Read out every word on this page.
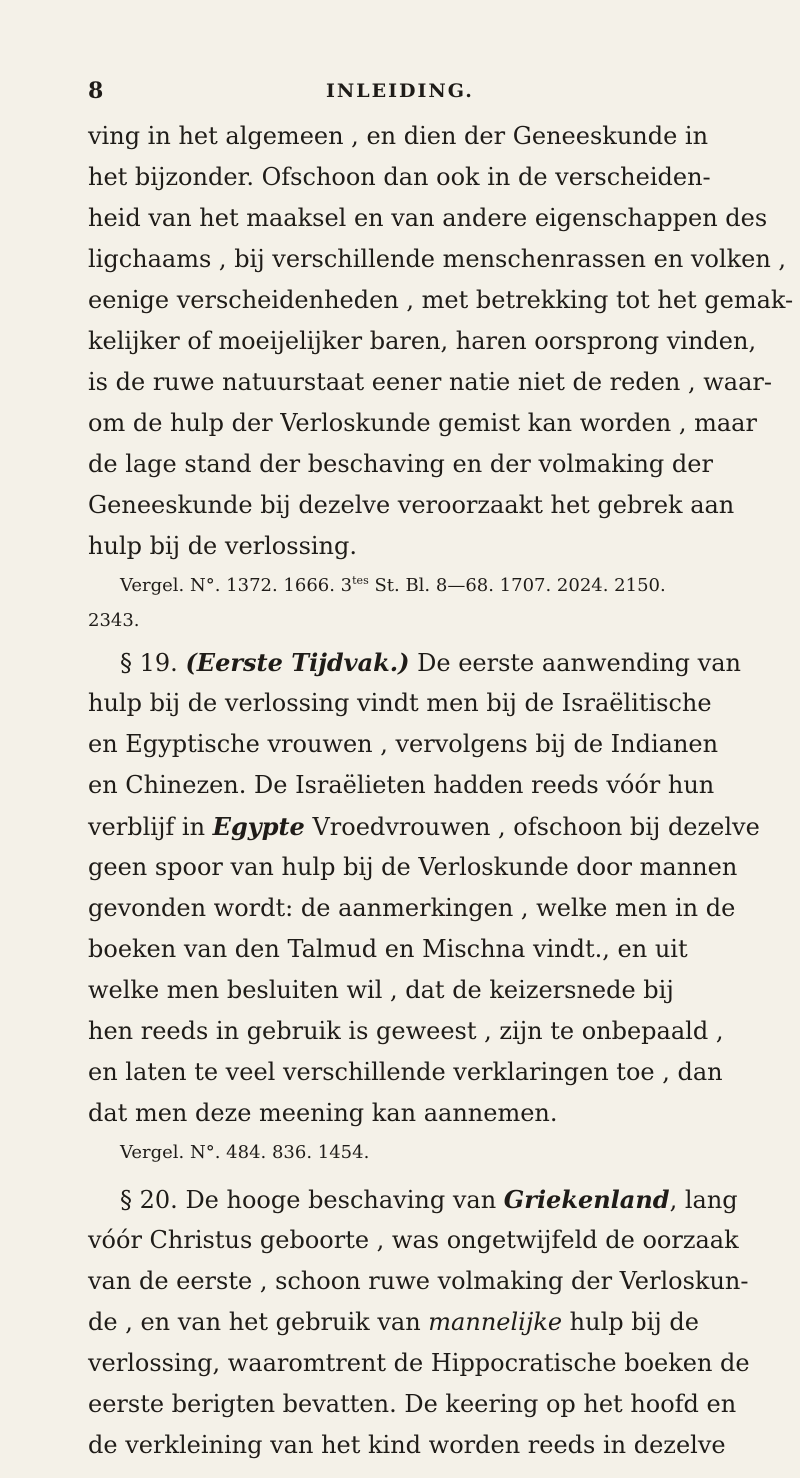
8	INLEIDING.
ving in het algemeen , en dien der Geneeskunde in
het bijzonder. Ofschoon dan ook in de verscheiden-
heid van het maaksel en van andere eigenschappen des
ligchaams , bij verschillende menschenrassen en volken ,
eenige verscheidenheden , met betrekking tot het gemak-
kelijker of moeijelijker baren, haren oorsprong vinden,
is de ruwe natuurstaat eener natie niet de reden , waar-
om de hulp der Verloskunde gemist kan worden , maar
de lage stand der beschaving en der volmaking der
Geneeskunde bij dezelve veroorzaakt het gebrek aan
hulp bij de verlossing.
Vergel. N°. 1372. 1666. $3^{tes}$ St. Bl. 8—68. 1707. 2024. 2150.
2343.
§ 19. (Eerste Tijdvak.) De eerste aanwending van
hulp bij de verlossing vindt men bij de Israëlitische
en Egyptische vrouwen , vervolgens bij de Indianen
en Chinezen. De Israëlieten hadden reeds vóór hun
verblijf in Egypte Vroedvrouwen , ofschoon bij dezelve
geen spoor van hulp bij de Verloskunde door mannen
gevonden wordt: de aanmerkingen , welke men in de
boeken van den Talmud en Mischna vindt., en uit
welke men besluiten wil , dat de keizersnede bij
hen reeds in gebruik is geweest , zijn te onbepaald ,
en laten te veel verschillende verklaringen toe , dan
dat men deze meening kan aannemen.
Vergel. N°. 484. 836. 1454.
§ 20. De hooge beschaving van Griekenland, lang
vóór Christus geboorte , was ongetwijfeld de oorzaak
van de eerste , schoon ruwe volmaking der Verloskun-
de , en van het gebruik van mannelijke hulp bij de
verlossing, waaromtrent de Hippocratische boeken de
eerste berigten bevatten. De keering op het hoofd en
de verkleining van het kind worden reeds in dezelve
